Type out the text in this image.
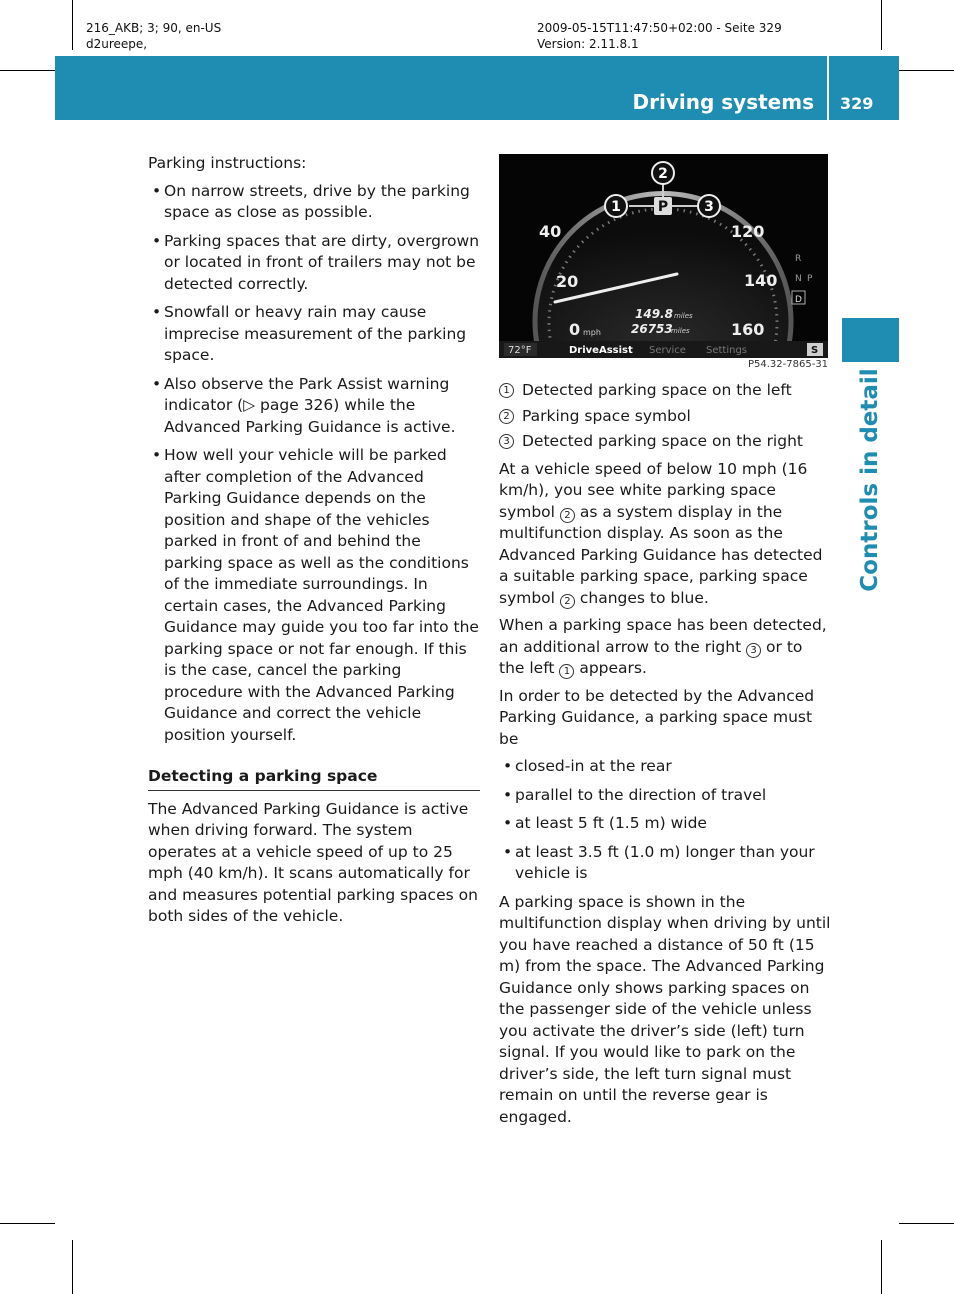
216_AKB; 3; 90, en-US
d2ureepe,
2009-05-15T11:47:50+02:00 - Seite 329
Version: 2.11.8.1
Driving systems 329
Controls in detail

Parking instructions:

• On narrow streets, drive by the parking space as close as possible.
• Parking spaces that are dirty, overgrown or located in front of trailers may not be detected correctly.
• Snowfall or heavy rain may cause imprecise measurement of the parking space.
• Also observe the Park Assist warning indicator (▷ page 326) while the Advanced Parking Guidance is active.
• How well your vehicle will be parked after completion of the Advanced Parking Guidance depends on the position and shape of the vehicles parked in front of and behind the parking space as well as the conditions of the immediate surroundings. In certain cases, the Advanced Parking Guidance may guide you too far into the parking space or not far enough. If this is the case, cancel the parking procedure with the Advanced Parking Guidance and correct the vehicle position yourself.
Detecting a parking space

The Advanced Parking Guidance is active when driving forward. The system operates at a vehicle speed of up to 25 mph (40 km/h). It scans automatically for and measures potential parking spaces on both sides of the vehicle.

1
2
3
P
40
20
120
140
0 mph	160
149.8 miles
26753
miles
R
N P
D
72°F	DriveAssist Service Settings	S
P54.32-7865-31
1 Detected parking space on the left
2 Parking space symbol
3 Detected parking space on the right

At a vehicle speed of below 10 mph (16 km/h), you see white parking space symbol 2 as a system display in the multifunction display. As soon as the Advanced Parking Guidance has detected a suitable parking space, parking space symbol 2 changes to blue.

When a parking space has been detected, an additional arrow to the right 3 or to the left 1 appears.

In order to be detected by the Advanced Parking Guidance, a parking space must be

• closed-in at the rear
• parallel to the direction of travel
• at least 5 ft (1.5 m) wide
• at least 3.5 ft (1.0 m) longer than your vehicle is

A parking space is shown in the multifunction display when driving by until you have reached a distance of 50 ft (15 m) from the space. The Advanced Parking Guidance only shows parking spaces on the passenger side of the vehicle unless you activate the driver’s side (left) turn signal. If you would like to park on the driver’s side, the left turn signal must remain on until the reverse gear is engaged.
